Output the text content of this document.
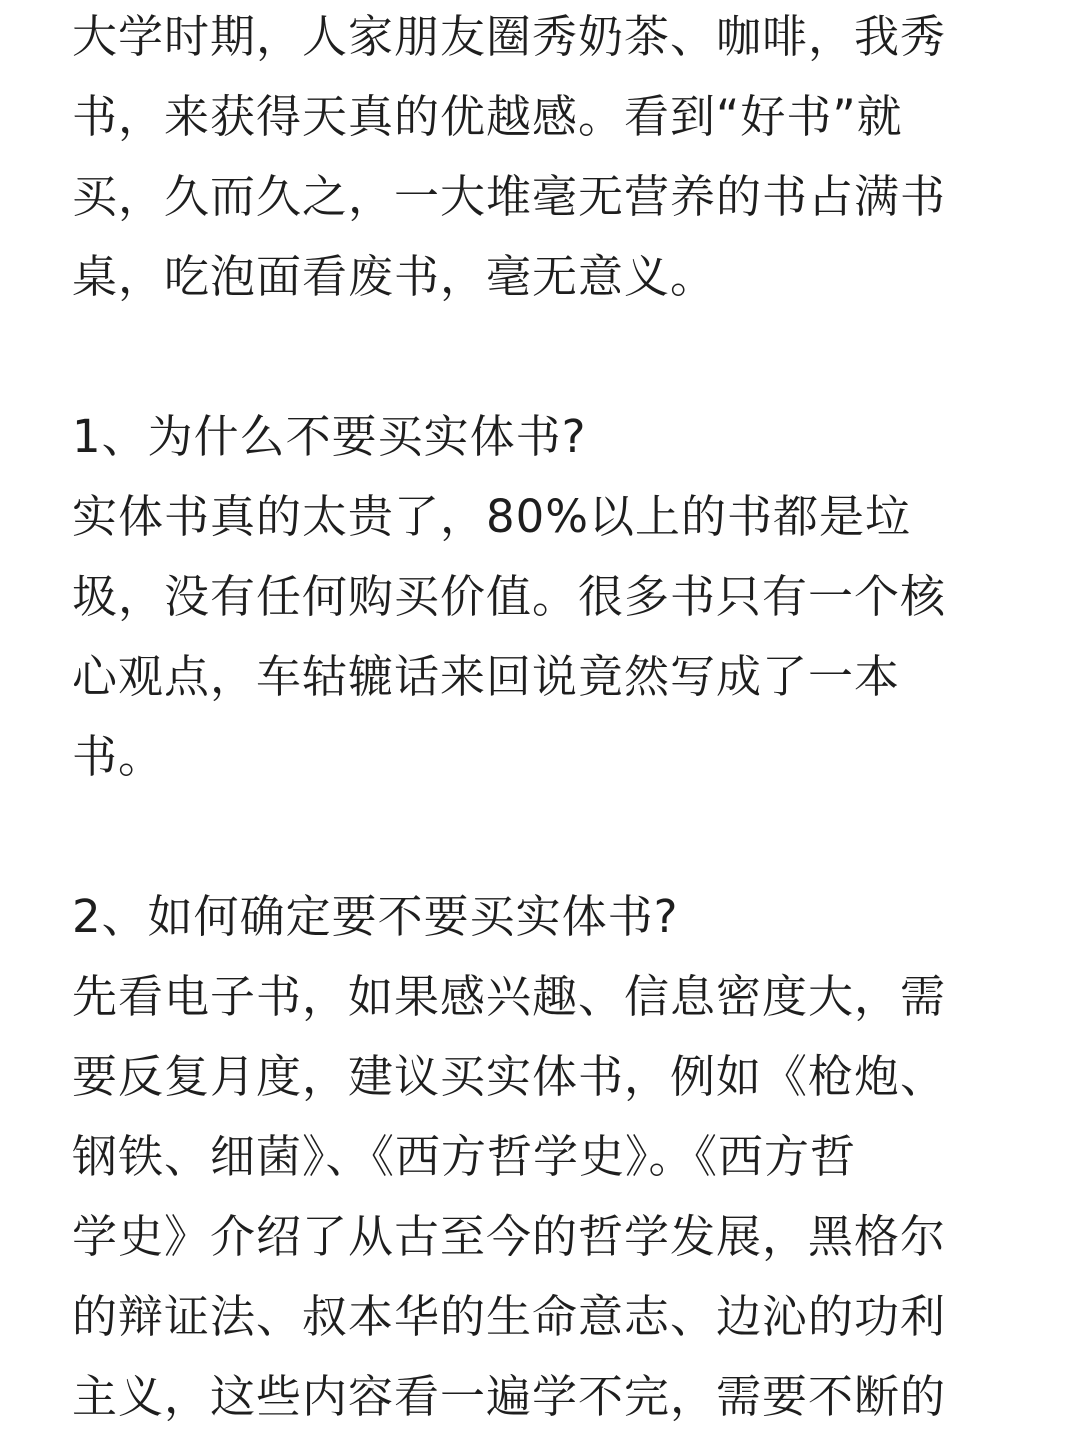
大学时期，人家朋友圈秀奶茶、咖啡，我秀
书，来获得天真的优越感。看到“好书”就
买，久而久之，一大堆毫无营养的书占满书
桌，吃泡面看废书，毫无意义。
1、为什么不要买实体书?
实体书真的太贵了，80%以上的书都是垃
圾，没有任何购买价值。很多书只有一个核
心观点，车轱辘话来回说竟然写成了一本
书。
2、如何确定要不要买实体书?
先看电子书，如果感兴趣、信息密度大，需
要反复月度，建议买实体书，例如《枪炮、
钢铁、细菌》、《西方哲学史》。《西方哲
学史》介绍了从古至今的哲学发展，黑格尔
的辩证法、叔本华的生命意志、边沁的功利
主义，这些内容看一遍学不完，需要不断的
